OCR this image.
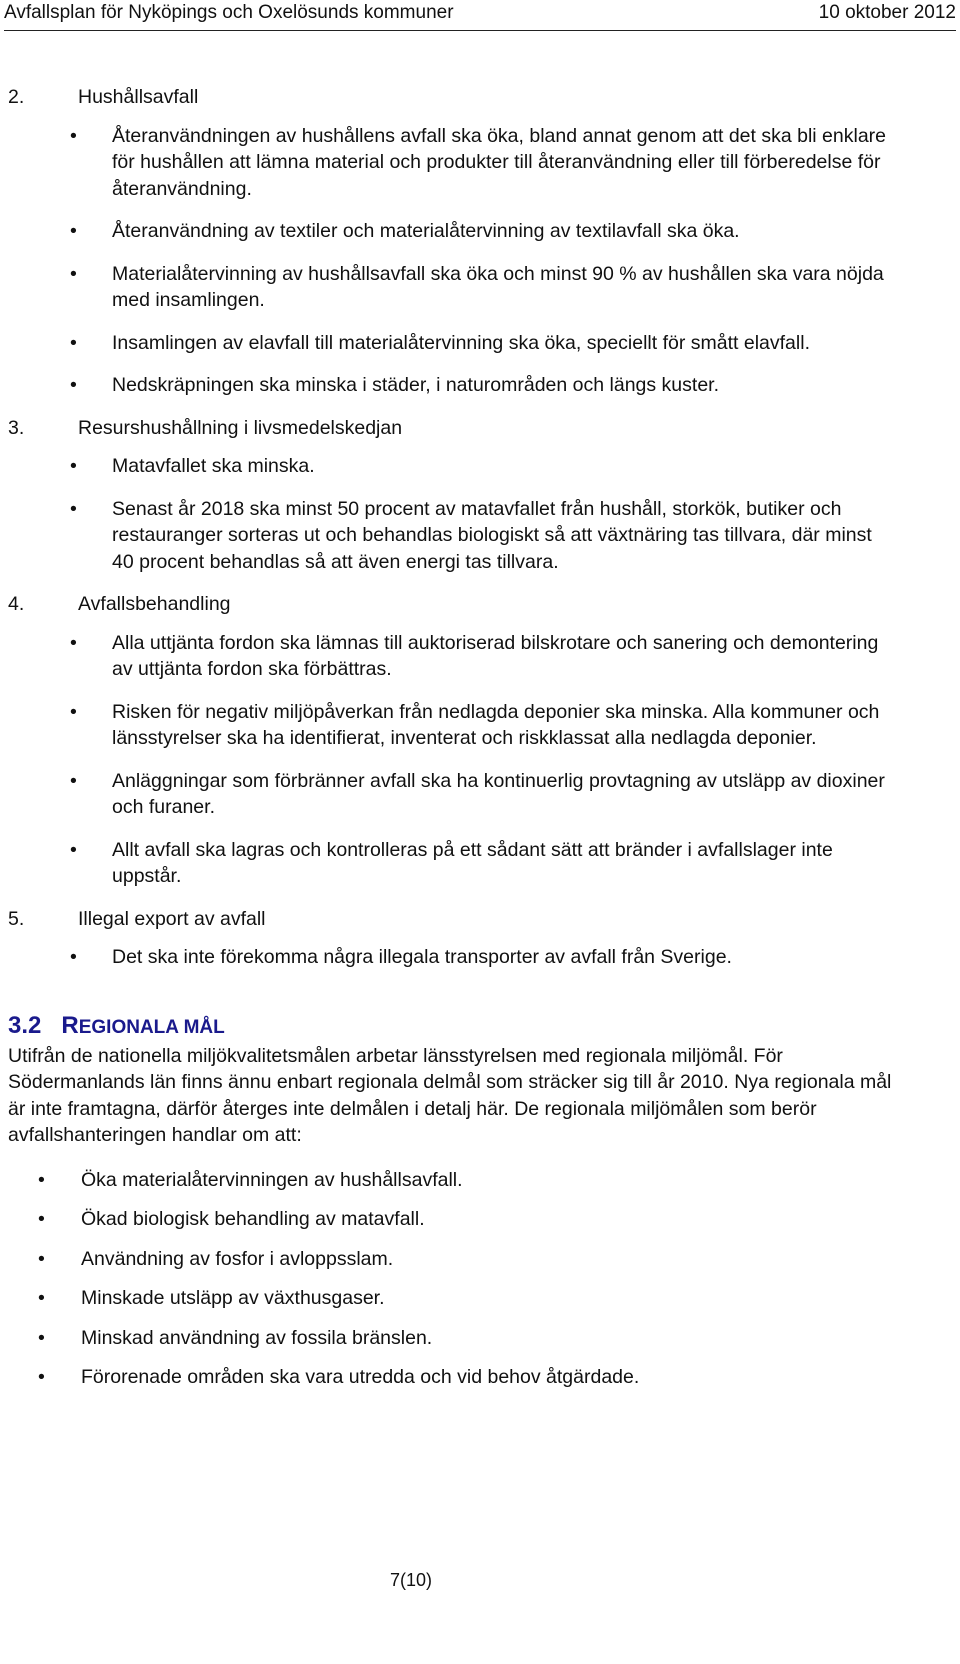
Avfallsplan för Nyköpings och Oxelösunds kommuner	10 oktober 2012
2.	Hushållsavfall
• Återanvändningen av hushållens avfall ska öka, bland annat genom att det ska bli enklare för hushållen att lämna material och produkter till återanvändning eller till förberedelse för återanvändning.
• Återanvändning av textiler och materialåtervinning av textilavfall ska öka.
• Materialåtervinning av hushållsavfall ska öka och minst 90 % av hushållen ska vara nöjda med insamlingen.
• Insamlingen av elavfall till materialåtervinning ska öka, speciellt för smått elavfall.
• Nedskräpningen ska minska i städer, i naturområden och längs kuster.
3.	Resurshushållning i livsmedelskedjan
• Matavfallet ska minska.
• Senast år 2018 ska minst 50 procent av matavfallet från hushåll, storkök, butiker och restauranger sorteras ut och behandlas biologiskt så att växtnäring tas tillvara, där minst 40 procent behandlas så att även energi tas tillvara.
4.	Avfallsbehandling
• Alla uttjänta fordon ska lämnas till auktoriserad bilskrotare och sanering och demontering av uttjänta fordon ska förbättras.
• Risken för negativ miljöpåverkan från nedlagda deponier ska minska. Alla kommuner och länsstyrelser ska ha identifierat, inventerat och riskklassat alla nedlagda deponier.
• Anläggningar som förbränner avfall ska ha kontinuerlig provtagning av utsläpp av dioxiner och furaner.
• Allt avfall ska lagras och kontrolleras på ett sådant sätt att bränder i avfallslager inte uppstår.
5.	Illegal export av avfall
• Det ska inte förekomma några illegala transporter av avfall från Sverige.
3.2 REGIONALA MÅL

Utifrån de nationella miljökvalitetsmålen arbetar länsstyrelsen med regionala miljömål. För Södermanlands län finns ännu enbart regionala delmål som sträcker sig till år 2010. Nya regionala mål är inte framtagna, därför återges inte delmålen i detalj här. De regionala miljömålen som berör avfallshanteringen handlar om att:

• Öka materialåtervinningen av hushållsavfall.
• Ökad biologisk behandling av matavfall.
• Användning av fosfor i avloppsslam.
• Minskade utsläpp av växthusgaser.
• Minskad användning av fossila bränslen.
• Förorenade områden ska vara utredda och vid behov åtgärdade.
7(10)
